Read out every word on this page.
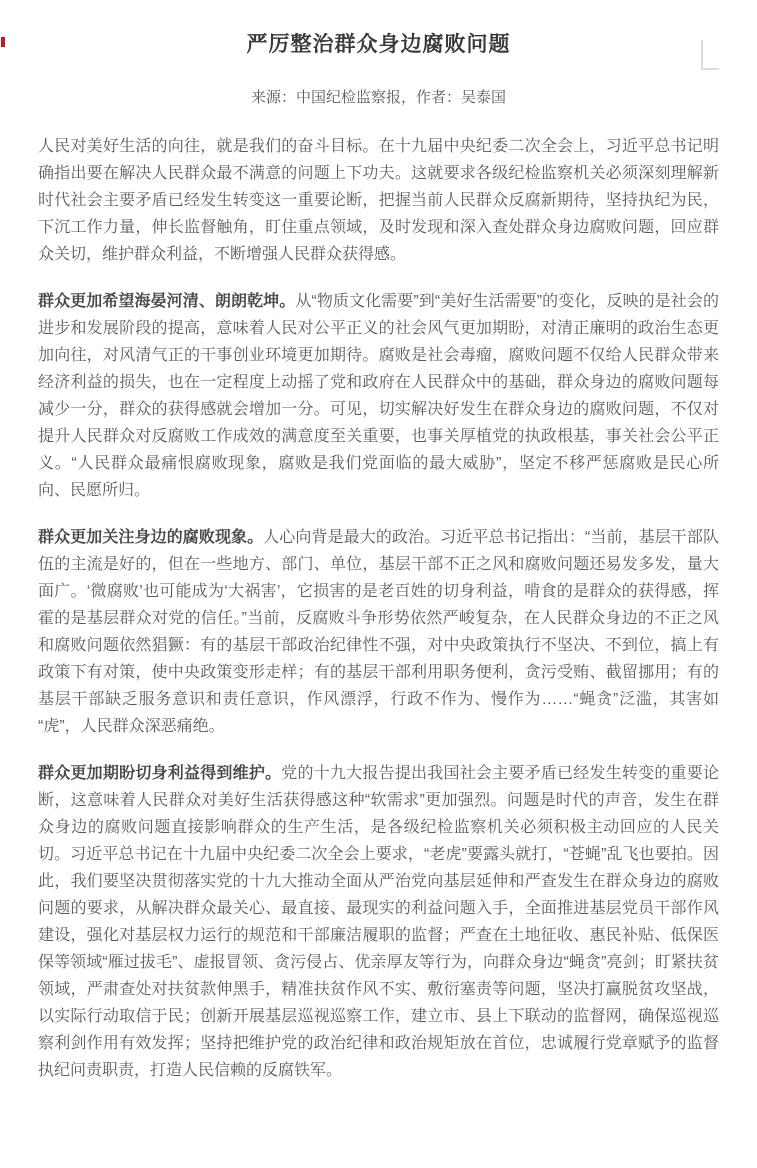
严厉整治群众身边腐败问题
来源：中国纪检监察报，作者：吴泰国

人民对美好生活的向往，就是我们的奋斗目标。在十九届中央纪委二次全会上，习近平总书记明确指出要在解决人民群众最不满意的问题上下功夫。这就要求各级纪检监察机关必须深刻理解新时代社会主要矛盾已经发生转变这一重要论断，把握当前人民群众反腐新期待，坚持执纪为民，下沉工作力量，伸长监督触角，盯住重点领域，及时发现和深入查处群众身边腐败问题，回应群众关切，维护群众利益，不断增强人民群众获得感。

群众更加希望海晏河清、朗朗乾坤。从“物质文化需要”到“美好生活需要”的变化，反映的是社会的进步和发展阶段的提高，意味着人民对公平正义的社会风气更加期盼，对清正廉明的政治生态更加向往，对风清气正的干事创业环境更加期待。腐败是社会毒瘤，腐败问题不仅给人民群众带来经济利益的损失，也在一定程度上动摇了党和政府在人民群众中的基础，群众身边的腐败问题每减少一分，群众的获得感就会增加一分。可见，切实解决好发生在群众身边的腐败问题，不仅对提升人民群众对反腐败工作成效的满意度至关重要，也事关厚植党的执政根基，事关社会公平正义。“人民群众最痛恨腐败现象，腐败是我们党面临的最大威胁”，坚定不移严惩腐败是民心所向、民愿所归。

群众更加关注身边的腐败现象。人心向背是最大的政治。习近平总书记指出：“当前，基层干部队伍的主流是好的，但在一些地方、部门、单位，基层干部不正之风和腐败问题还易发多发，量大面广。‘微腐败’也可能成为‘大祸害’，它损害的是老百姓的切身利益，啃食的是群众的获得感，挥霍的是基层群众对党的信任。”当前，反腐败斗争形势依然严峻复杂，在人民群众身边的不正之风和腐败问题依然猖獗：有的基层干部政治纪律性不强，对中央政策执行不坚决、不到位，搞上有政策下有对策，使中央政策变形走样；有的基层干部利用职务便利，贪污受贿、截留挪用；有的基层干部缺乏服务意识和责任意识，作风漂浮，行政不作为、慢作为……“蝇贪”泛滥，其害如“虎”，人民群众深恶痛绝。

群众更加期盼切身利益得到维护。党的十九大报告提出我国社会主要矛盾已经发生转变的重要论断，这意味着人民群众对美好生活获得感这种“软需求”更加强烈。问题是时代的声音，发生在群众身边的腐败问题直接影响群众的生产生活，是各级纪检监察机关必须积极主动回应的人民关切。习近平总书记在十九届中央纪委二次全会上要求，“老虎”要露头就打，“苍蝇”乱飞也要拍。因此，我们要坚决贯彻落实党的十九大推动全面从严治党向基层延伸和严查发生在群众身边的腐败问题的要求，从解决群众最关心、最直接、最现实的利益问题入手，全面推进基层党员干部作风建设，强化对基层权力运行的规范和干部廉洁履职的监督；严查在土地征收、惠民补贴、低保医保等领域“雁过拔毛”、虚报冒领、贪污侵占、优亲厚友等行为，向群众身边“蝇贪”亮剑；盯紧扶贫领域，严肃查处对扶贫款伸黑手，精准扶贫作风不实、敷衍塞责等问题，坚决打赢脱贫攻坚战，以实际行动取信于民；创新开展基层巡视巡察工作，建立市、县上下联动的监督网，确保巡视巡察利剑作用有效发挥；坚持把维护党的政治纪律和政治规矩放在首位，忠诚履行党章赋予的监督执纪问责职责，打造人民信赖的反腐铁军。
